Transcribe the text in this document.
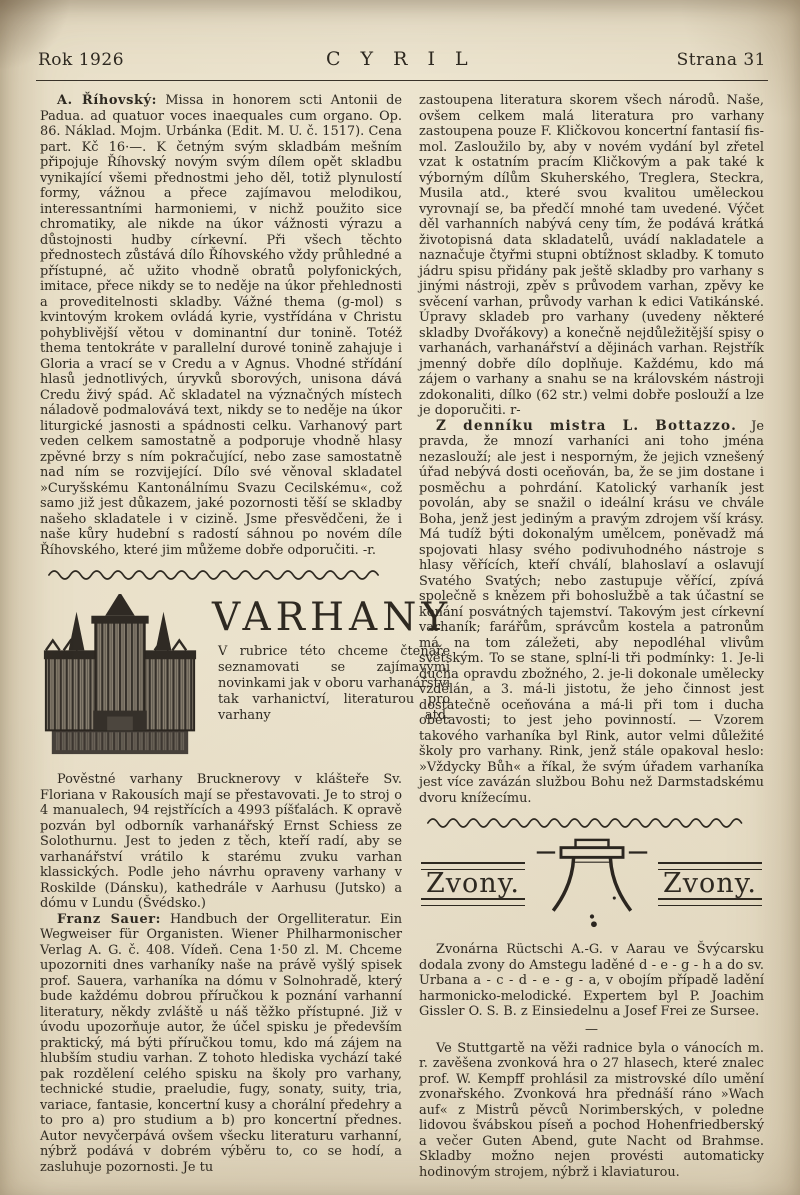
Rok 1926	C Y R I L	Strana 31

A. Říhovský: Missa in honorem scti Antonii de Padua. ad quatuor voces inaequales cum organo. Op. 86. Náklad. Mojm. Urbánka (Edit. M. U. č. 1517). Cena part. Kč 16·—. K četným svým skladbám mešním připojuje Říhovský novým svým dílem opět skladbu vynikající všemi přednostmi jeho děl, totiž plynulostí formy, vážnou a přece zajímavou melodikou, interessantními harmoniemi, v nichž použito sice chromatiky, ale nikde na úkor vážnosti výrazu a důstojnosti hudby církevní. Při všech těchto přednostech zůstává dílo Říhovského vždy průhledné a přístupné, ač užito vhodně obratů polyfonických, imitace, přece nikdy se to neděje na úkor přehlednosti a proveditelnosti skladby. Vážné thema (g-mol) s kvintovým krokem ovládá kyrie, vystřídána v Christu pohyblivější větou v dominantní dur tonině. Totéž thema tentokráte v parallelní durové tonině zahajuje i Gloria a vrací se v Credu a v Agnus. Vhodné střídání hlasů jednotlivých, úryvků sborových, unisona dává Credu živý spád. Ač skladatel na význačných místech náladově podmalovává text, nikdy se to neděje na úkor liturgické jasnosti a spádnosti celku. Varhanový part veden celkem samostatně a podporuje vhodně hlasy zpěvné brzy s ním pokračující, nebo zase samostatně nad ním se rozvijející. Dílo své věnoval skladatel »Curyšskému Kantonálnímu Svazu Cecilskému«, což samo již jest důkazem, jaké pozornosti těší se skladby našeho skladatele i v cizině. Jsme přesvědčeni, že i naše kůry hudební s radostí sáhnou po novém díle Říhovského, které jim můžeme dobře odporučiti. -r.

VARHANY
V rubrice této chceme čtenáře seznamovati se zajímavými novinkami jak v oboru varhanářství tak varhanictví, literaturou pro varhany atd.

Pověstné varhany Brucknerovy v klášteře Sv. Floriana v Rakousích mají se přestavovati. Je to stroj o 4 manualech, 94 rejstřících a 4993 píšťalách. K opravě pozván byl odborník varhanářský Ernst Schiess ze Solothurnu. Jest to jeden z těch, kteří radí, aby se varhanářství vrátilo k starému zvuku varhan klassických. Podle jeho návrhu opraveny varhany v Roskilde (Dánsku), kathedrále v Aarhusu (Jutsko) a dómu v Lundu (Švédsko.)

Franz Sauer: Handbuch der Orgelliteratur. Ein Wegweiser für Organisten. Wiener Philharmonischer Verlag A. G. č. 408. Vídeň. Cena 1·50 zl. M. Chceme upozorniti dnes varhaníky naše na právě vyšlý spisek prof. Sauera, varhaníka na dómu v Solnohradě, který bude každému dobrou příručkou k poznání varhanní literatury, někdy zvláště u náš těžko přístupné. Již v úvodu upozorňuje autor, že účel spisku je především praktický, má býti příručkou tomu, kdo má zájem na hlubším studiu varhan. Z tohoto hlediska vychází také pak rozdělení celého spisku na školy pro varhany, technické studie, praeludie, fugy, sonaty, suity, tria, variace, fantasie, koncertní kusy a chorální předehry a to pro a) pro studium a b) pro koncertní přednes. Autor nevyčerpává ovšem všecku literaturu varhanní, nýbrž podává v dobrém výběru to, co se hodí, a zasluhuje pozornosti. Je tu

zastoupena literatura skorem všech národů. Naše, ovšem celkem malá literatura pro varhany zastoupena pouze F. Kličkovou koncertní fantasií fis-mol. Zasloužilo by, aby v novém vydání byl zřetel vzat k ostatním pracím Kličkovým a pak také k výborným dílům Skuherského, Treglera, Steckra, Musila atd., které svou kvalitou uměleckou vyrovnají se, ba předčí mnohé tam uvedené. Výčet děl varhanních nabývá ceny tím, že podává krátká životopisná data skladatelů, uvádí nakladatele a naznačuje čtyřmi stupni obtížnost skladby. K tomuto jádru spisu přidány pak ještě skladby pro varhany s jinými nástroji, zpěv s průvodem varhan, zpěvy ke svěcení varhan, průvody varhan k edici Vatikánské. Úpravy skladeb pro varhany (uvedeny některé skladby Dvořákovy) a konečně nejdůležitější spisy o varhanách, varhanářství a dějinách varhan. Rejstřík jmenný dobře dílo doplňuje. Každému, kdo má zájem o varhany a snahu se na královském nástroji zdokonaliti, dílko (62 str.) velmi dobře poslouží a lze je doporučiti. r-

Z denníku mistra L. Bottazzo. Je pravda, že mnozí varhaníci ani toho jména nezaslouží; ale jest i nesporným, že jejich vznešený úřad nebývá dosti oceňován, ba, že se jim dostane i posměchu a pohrdání. Katolický varhaník jest povolán, aby se snažil o ideální krásu ve chvále Boha, jenž jest jediným a pravým zdrojem vší krásy. Má tudíž býti dokonalým umělcem, poněvadž má spojovati hlasy svého podivuhodného nástroje s hlasy věřících, kteří chválí, blahoslaví a oslavují Svatého Svatých; nebo zastupuje věřící, zpívá společně s knězem při bohoslužbě a tak účastní se konání posvátných tajemství. Takovým jest církevní varhaník; farářům, správcům kostela a patronům má na tom záležeti, aby nepodléhal vlivům světským. To se stane, splní-li tři podmínky: 1. Je-li ducha opravdu zbožného, 2. je-li dokonale umělecky vzdělán, a 3. má-li jistotu, že jeho činnost jest dostatečně oceňována a má-li při tom i ducha obětavosti; to jest jeho povinností. — Vzorem takového varhaníka byl Rink, autor velmi důležité školy pro varhany. Rink, jenž stále opakoval heslo: »Vždycky Bůh« a říkal, že svým úřadem varhaníka jest více zavázán službou Bohu než Darmstadskému dvoru knížecímu.

Zvony.	Zvony.

Zvonárna Rüctschi A.-G. v Aarau ve Švýcarsku dodala zvony do Amstegu laděné d - e - g - h a do sv. Urbana a - c - d - e - g - a, v obojím případě ladění harmonicko-melodické. Expertem byl P. Joachim Gissler O. S. B. z Einsiedelnu a Josef Frei ze Sursee.

—

Ve Stuttgartě na věži radnice byla o vánocích m. r. zavěšena zvonková hra o 27 hlasech, které znalec prof. W. Kempff prohlásil za mistrovské dílo umění zvonařského. Zvonková hra přednáší ráno »Wach auf« z Mistrů pěvců Norimberských, v poledne lidovou švábskou píseň a pochod Hohenfriedberský a večer Guten Abend, gute Nacht od Brahmse. Skladby možno nejen provésti automaticky hodinovým strojem, nýbrž i klaviaturou.
